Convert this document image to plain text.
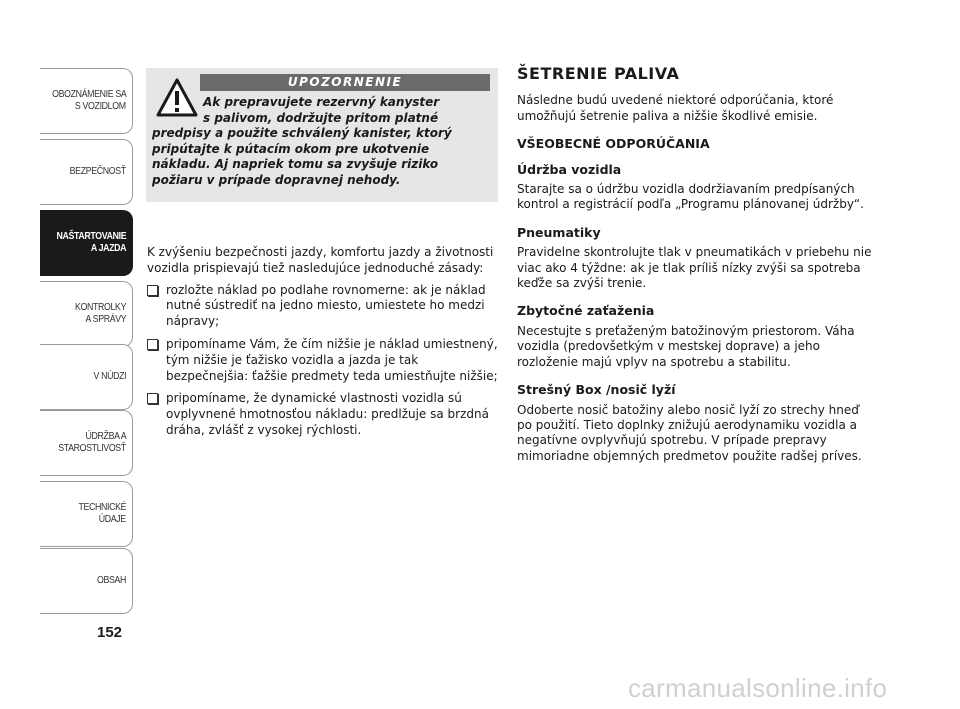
OBOZNÁMENIE SA
S VOZIDLOM
BEZPEČNOSŤ
NAŠTARTOVANIE
A JAZDA
KONTROLKY
A SPRÁVY
V NÚDZI
ÚDRŽBA A
STAROSTLIVOSŤ
TECHNICKÉ
ÚDAJE
OBSAH
152
UPOZORNENIE
Ak prepravujete rezervný kanyster
s palivom, dodržujte pritom platné
predpisy a použite schválený kanister, ktorý
pripútajte k pútacím okom pre ukotvenie
nákladu. Aj napriek tomu sa zvyšuje riziko
požiaru v prípade dopravnej nehody.

K zvýšeniu bezpečnosti jazdy, komfortu jazdy a životnosti vozidla prispievajú tiež nasledujúce jednoduché zásady:

rozložte náklad po podlahe rovnomerne: ak je náklad nutné sústrediť na jedno miesto, umiestete ho medzi nápravy;
pripomíname Vám, že čím nižšie je náklad umiestnený, tým nižšie je ťažisko vozidla a jazda je tak bezpečnejšia: ťažšie predmety teda umiestňujte nižšie;
pripomíname, že dynamické vlastnosti vozidla sú ovplyvnené hmotnosťou nákladu: predlžuje sa brzdná dráha, zvlášť z vysokej rýchlosti.
ŠETRENIE PALIVA

Následne budú uvedené niektoré odporúčania, ktoré umožňujú šetrenie paliva a nižšie škodlivé emisie.

VŠEOBECNÉ ODPORÚČANIA
Údržba vozidla

Starajte sa o údržbu vozidla dodržiavaním predpísaných kontrol a registrácií podľa „Programu plánovanej údržby“.

Pneumatiky

Pravidelne skontrolujte tlak v pneumatikách v priebehu nie viac ako 4 týždne: ak je tlak príliš nízky zvýši sa spotreba keďže sa zvýši trenie.

Zbytočné zaťaženia

Necestujte s preťaženým batožinovým priestorom. Váha vozidla (predovšetkým v mestskej doprave) a jeho rozloženie majú vplyv na spotrebu a stabilitu.

Strešný Box /nosič lyží

Odoberte nosič batožiny alebo nosič lyží zo strechy hneď po použití. Tieto doplnky znižujú aerodynamiku vozidla a negatívne ovplyvňujú spotrebu. V prípade prepravy mimoriadne objemných predmetov použite radšej príves.

carmanualsonline.info
